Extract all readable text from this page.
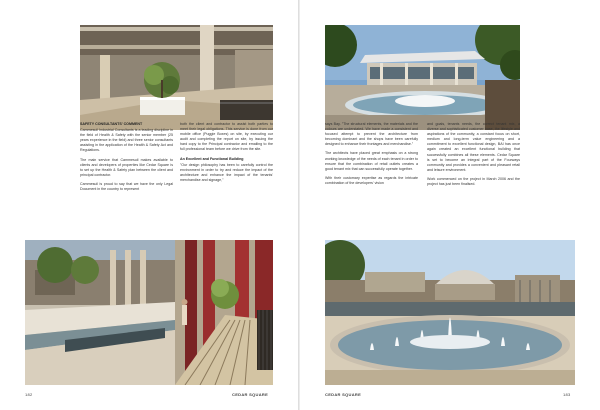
SAFETY CONSULTANTS' COMMENT

Cammesuil Industrial Consultants is a leading discipline in the field of Health & Safety with the senior member (25 years experience in the field) and three senior consultants assisting in the application of the Health & Safety Act and Regulations.

The main service that Cammesuil makes available to clients and developers of properties like Cedar Square is to set up the Health & Safety plan between the client and principal contractor.

Cammesuil is proud to say that we have the only Legal Document in the country to represent

both the client and contractor to assist both parties to meet their legal obligations. This service is done from our mobile office (Puggie Boxes) on site, by executing our audit and completing the report on site, by issuing the hard copy to the Principal contractor and emailing to the full professional team before we drive from the site.

An Excellent and Functional Building

"Our design philosophy has been to carefully control the environment in order to try and reduce the impact of the architecture and enhance the impact of the tenants' merchandise and signage,"

182	CEDAR SQUARE

says Bay. "The structural elements, the materials and the colours are understated. We have made a consistent and focused attempt to prevent the architecture from becoming dominant and the shops have been carefully designed to enhance their frontages and merchandise."

The architects have placed great emphasis on a strong working knowledge of the needs of each tenant in order to ensure that the combination of retail outlets creates a good tenant mix that can successfully operate together.

With their customary expertise as regards the intricate combination of the developers' vision

and goals, tenants needs, the correct tenant mix, a diverse and sophisticated customer base, the lifestyle and aspirations of the community, a constant focus on short, medium and long-term value engineering and a commitment to excellent functional design, BAI has once again created an excellent functional building that successfully combines all these elements. Cedar Square is set to become an integral part of the Fourways community and provides a convenient and pleasant retail and leisure environment.

Work commenced on the project in March 2006 and the project has just been finalised.

CEDAR SQUARE	183
